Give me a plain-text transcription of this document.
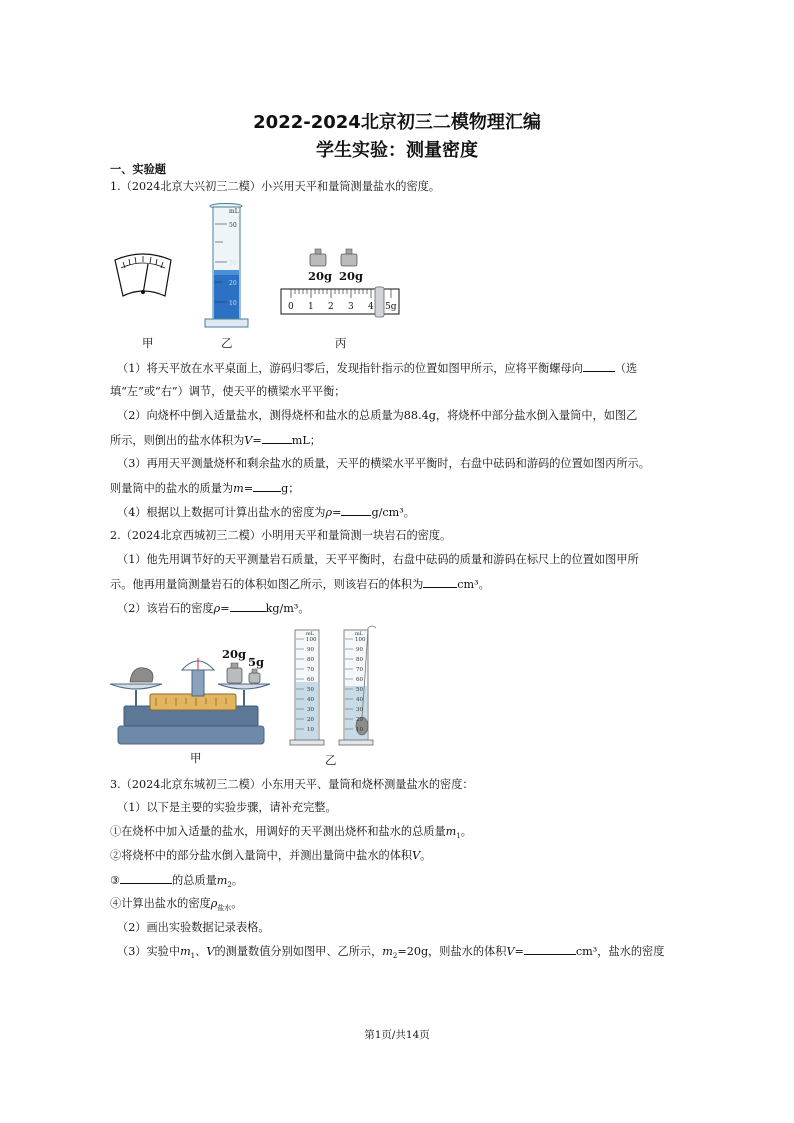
2022-2024北京初三二模物理汇编
学生实验：测量密度
一、实验题
1.（2024北京大兴初三二模）小兴用天平和量筒测量盐水的密度。
mL
50
30
20
10
20g 20g
0 1 2 3 4 5g
甲	乙	丙
（1）将天平放在水平桌面上，游码归零后，发现指针指示的位置如图甲所示，应将平衡螺母向	（选
填“左”或“右”）调节，使天平的横梁水平平衡；
（2）向烧杯中倒入适量盐水，测得烧杯和盐水的总质量为88.4g，将烧杯中部分盐水倒入量筒中，如图乙
所示，则倒出的盐水体积为V=	mL；
（3）再用天平测量烧杯和剩余盐水的质量，天平的横梁水平平衡时，右盘中砝码和游码的位置如图丙所示。
则量筒中的盐水的质量为m=	g；
（4）根据以上数据可计算出盐水的密度为ρ=	g/cm³。
2.（2024北京西城初三二模）小明用天平和量筒测一块岩石的密度。
（1）他先用调节好的天平测量岩石质量，天平平衡时，右盘中砝码的质量和游码在标尺上的位置如图甲所
示。他再用量筒测量岩石的体积如图乙所示，则该岩石的体积为	cm³。
（2）该岩石的密度ρ=	kg/m³。
20g
5g
mL
100
90
80
70
60
50
40
30
20
10
mL
100
90
80
70
60
50
40
30
20
10
甲	乙
3.（2024北京东城初三二模）小东用天平、量筒和烧杯测量盐水的密度：
（1）以下是主要的实验步骤，请补充完整。
①在烧杯中加入适量的盐水，用调好的天平测出烧杯和盐水的总质量$m_1$。
②将烧杯中的部分盐水倒入量筒中，并测出量筒中盐水的体积V。
③	的总质量$m_2$。
④计算出盐水的密度$\rho_{盐水}$。
（2）画出实验数据记录表格。
（3）实验中$m_1$、V的测量数值分别如图甲、乙所示，$m_2=20g$，则盐水的体积V=	cm³，盐水的密度
第1页/共14页
